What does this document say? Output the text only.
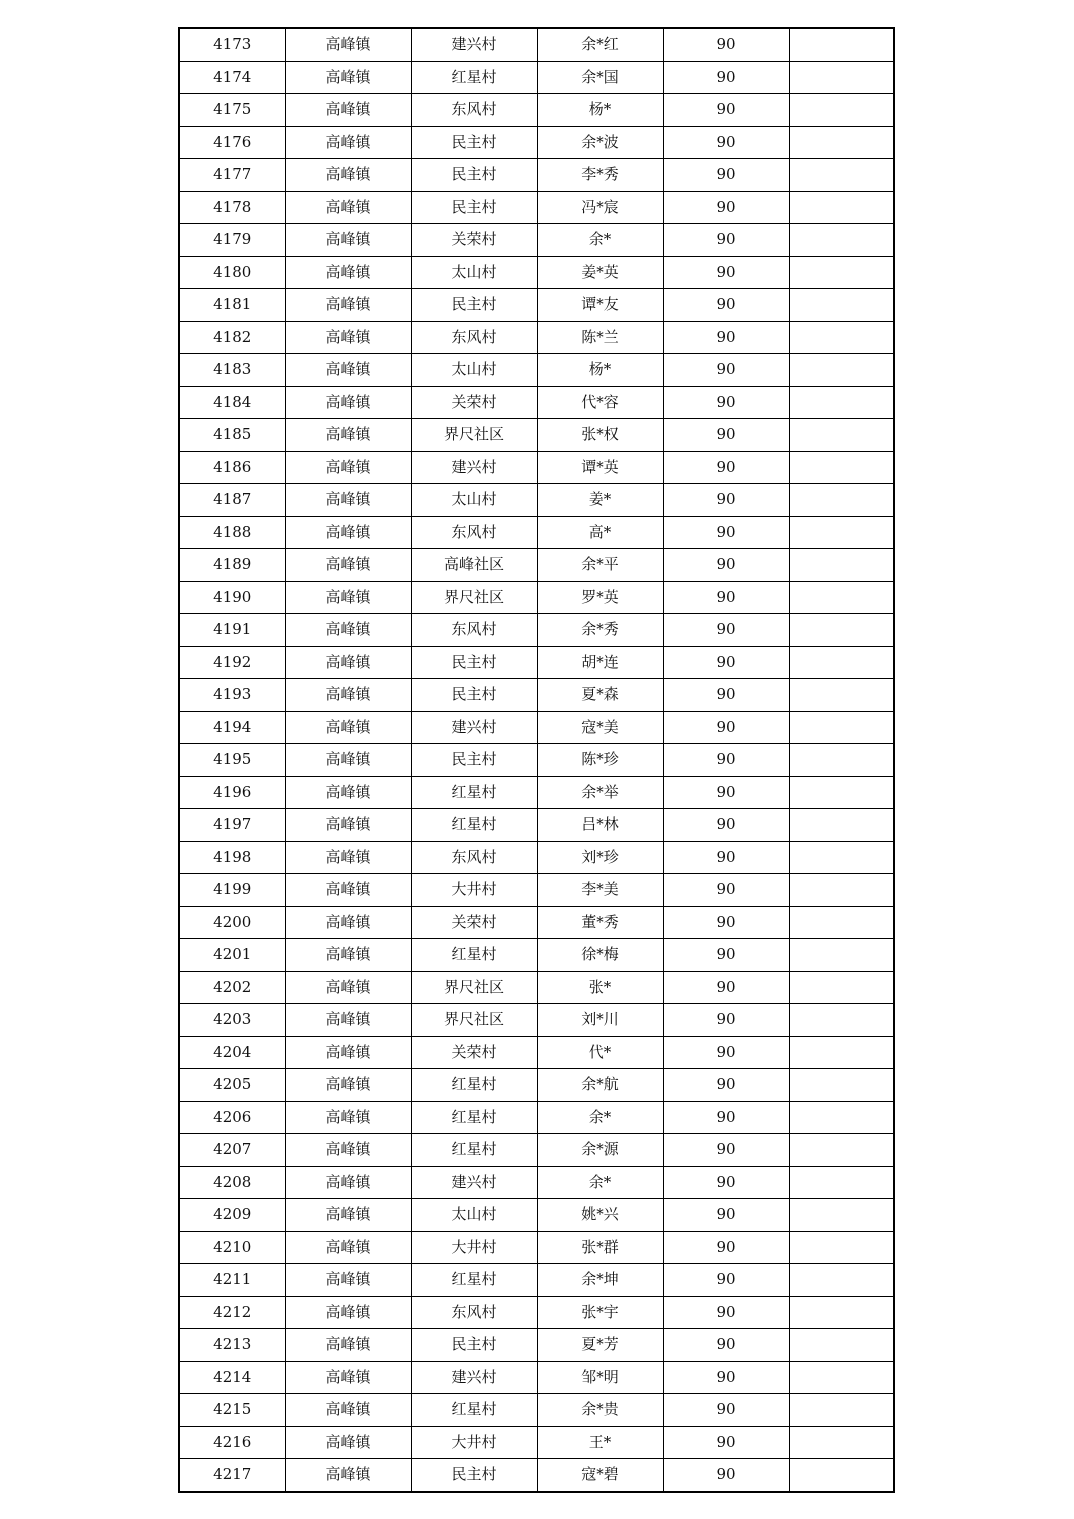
4173	高峰镇	建兴村	余*红	90	
4174	高峰镇	红星村	余*国	90	
4175	高峰镇	东风村	杨*	90	
4176	高峰镇	民主村	余*波	90	
4177	高峰镇	民主村	李*秀	90	
4178	高峰镇	民主村	冯*宸	90	
4179	高峰镇	关荣村	余*	90	
4180	高峰镇	太山村	姜*英	90	
4181	高峰镇	民主村	谭*友	90	
4182	高峰镇	东风村	陈*兰	90	
4183	高峰镇	太山村	杨*	90	
4184	高峰镇	关荣村	代*容	90	
4185	高峰镇	界尺社区	张*权	90	
4186	高峰镇	建兴村	谭*英	90	
4187	高峰镇	太山村	姜*	90	
4188	高峰镇	东风村	高*	90	
4189	高峰镇	高峰社区	余*平	90	
4190	高峰镇	界尺社区	罗*英	90	
4191	高峰镇	东风村	余*秀	90	
4192	高峰镇	民主村	胡*连	90	
4193	高峰镇	民主村	夏*森	90	
4194	高峰镇	建兴村	寇*美	90	
4195	高峰镇	民主村	陈*珍	90	
4196	高峰镇	红星村	余*举	90	
4197	高峰镇	红星村	吕*林	90	
4198	高峰镇	东风村	刘*珍	90	
4199	高峰镇	大井村	李*美	90	
4200	高峰镇	关荣村	董*秀	90	
4201	高峰镇	红星村	徐*梅	90	
4202	高峰镇	界尺社区	张*	90	
4203	高峰镇	界尺社区	刘*川	90	
4204	高峰镇	关荣村	代*	90	
4205	高峰镇	红星村	余*航	90	
4206	高峰镇	红星村	余*	90	
4207	高峰镇	红星村	余*源	90	
4208	高峰镇	建兴村	余*	90	
4209	高峰镇	太山村	姚*兴	90	
4210	高峰镇	大井村	张*群	90	
4211	高峰镇	红星村	余*坤	90	
4212	高峰镇	东风村	张*宇	90	
4213	高峰镇	民主村	夏*芳	90	
4214	高峰镇	建兴村	邹*明	90	
4215	高峰镇	红星村	余*贵	90	
4216	高峰镇	大井村	王*	90	
4217	高峰镇	民主村	寇*碧	90	
